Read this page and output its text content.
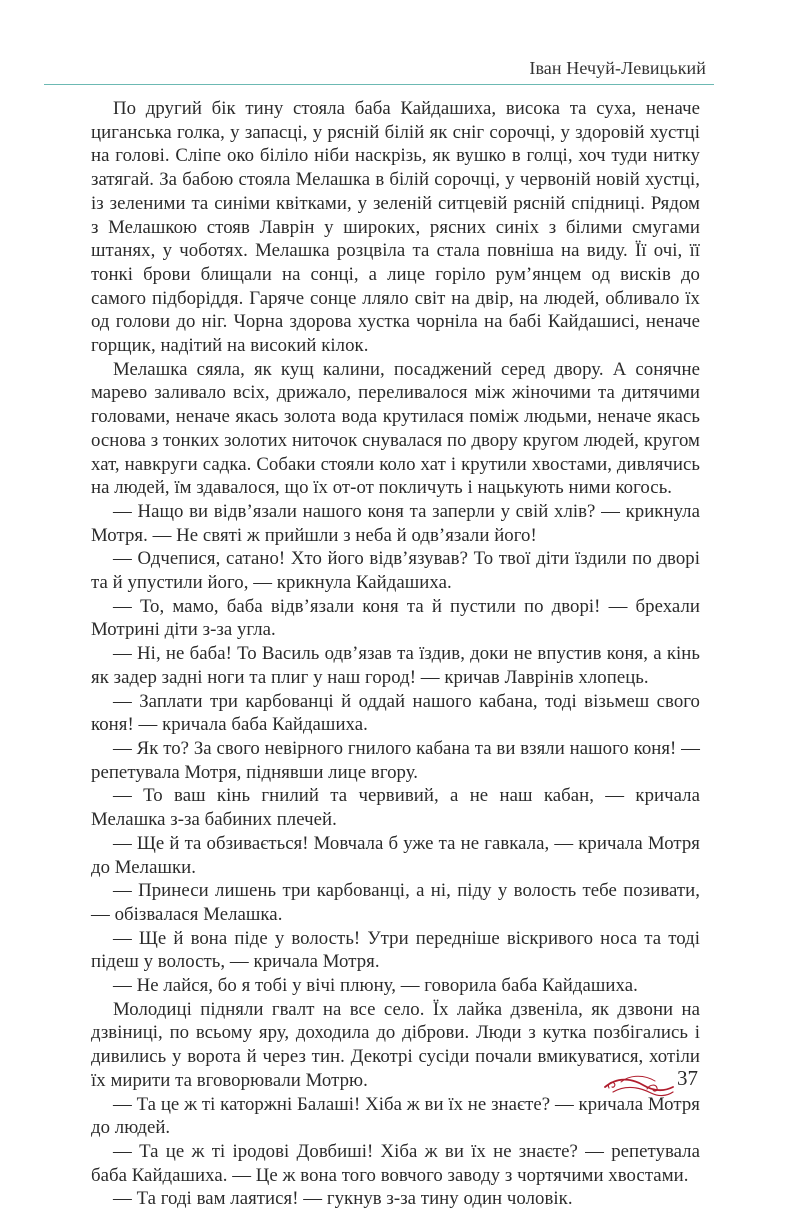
Іван Нечуй-Левицький

По другий бік тину стояла баба Кайдашиха, висока та суха, неначе циганська голка, у запасці, у рясній білій як сніг сорочці, у здоровій хустці на голові. Сліпе око біліло ніби наскрізь, як вушко в голці, хоч туди нитку затягай. За бабою стояла Мелашка в білій сорочці, у червоній новій хустці, із зеленими та синіми квітками, у зеленій ситцевій рясній спідниці. Рядом з Мелашкою стояв Лаврін у широких, рясних синіх з білими смугами штанях, у чоботях. Мелашка розцвіла та стала повніша на виду. Її очі, її тонкі брови блищали на сонці, а лице горіло рум’янцем од висків до самого підборіддя. Гаряче сонце лляло світ на двір, на людей, обливало їх од голови до ніг. Чорна здорова хустка чорніла на бабі Кайдашисі, неначе горщик, надітий на високий кілок.

Мелашка сяяла, як кущ калини, посаджений серед двору. А сонячне марево заливало всіх, дрижало, переливалося між жіночими та дитячими головами, неначе якась золота вода крутилася поміж людьми, неначе якась основа з тонких золотих ниточок снувалася по двору кругом людей, кругом хат, навкруги садка. Собаки стояли коло хат і крутили хвостами, дивлячись на людей, їм здавалося, що їх от-от покличуть і нацькують ними когось.

— Нащо ви відв’язали нашого коня та заперли у свій хлів? — крикнула Мотря. — Не святі ж прийшли з неба й одв’язали його!

— Одчепися, сатано! Хто його відв’язував? То твої діти їздили по дворі та й упустили його, — крикнула Кайдашиха.

— То, мамо, баба відв’язали коня та й пустили по дворі! — брехали Мотрині діти з-за угла.

— Ні, не баба! То Василь одв’язав та їздив, доки не впустив коня, а кінь як задер задні ноги та плиг у наш город! — кричав Лаврінів хлопець.

— Заплати три карбованці й оддай нашого кабана, тоді візьмеш свого коня! — кричала баба Кайдашиха.

— Як то? За свого невірного гнилого кабана та ви взяли нашого коня! — репетувала Мотря, піднявши лице вгору.

— То ваш кінь гнилий та червивий, а не наш кабан, — кричала Мелашка з-за бабиних плечей.

— Ще й та обзивається! Мовчала б уже та не гавкала, — кричала Мотря до Мелашки.

— Принеси лишень три карбованці, а ні, піду у волость тебе позивати, — обізвалася Мелашка.

— Ще й вона піде у волость! Утри передніше віскривого носа та тоді підеш у волость, — кричала Мотря.

— Не лайся, бо я тобі у вічі плюну, — говорила баба Кайдашиха.

Молодиці підняли гвалт на все село. Їх лайка дзвеніла, як дзвони на дзвіниці, по всьому яру, доходила до діброви. Люди з кутка позбігались і дивились у ворота й через тин. Декотрі сусіди почали вмикуватися, хотіли їх мирити та вговорювали Мотрю.

— Та це ж ті каторжні Балаші! Хіба ж ви їх не знаєте? — кричала Мотря до людей.

— Та це ж ті іродові Довбиші! Хіба ж ви їх не знаєте? — репетувала баба Кайдашиха. — Це ж вона того вовчого заводу з чортячими хвостами.

— Та годі вам лаятися! — гукнув з-за тину один чоловік.

37
